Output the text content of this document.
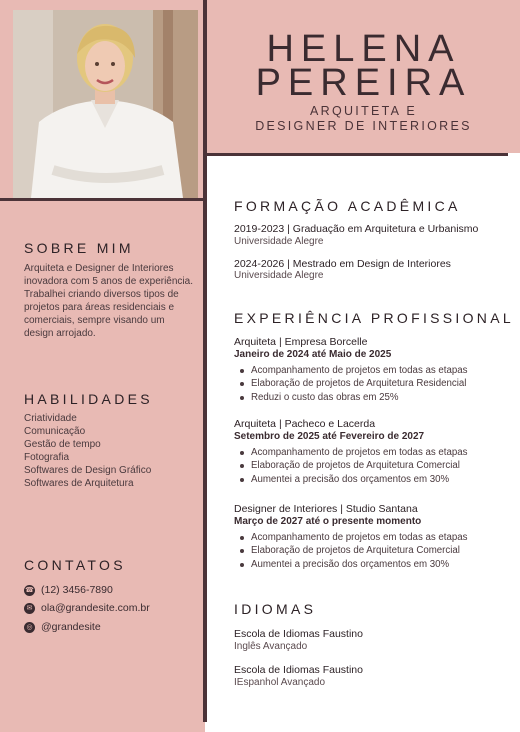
HELENA
PEREIRA
ARQUITETA E
DESIGNER DE INTERIORES
SOBRE MIM
Arquiteta e Designer de Interiores inovadora com 5 anos de experiência. Trabalhei criando diversos tipos de projetos para áreas residenciais e comerciais, sempre visando um design arrojado.
HABILIDADES
Criatividade
Comunicação
Gestão de tempo
Fotografia
Softwares de Design Gráfico
Softwares de Arquitetura
CONTATOS
☎ (12) 3456-7890
✉ ola@grandesite.com.br
◎ @grandesite
FORMAÇÃO ACADÊMICA
2019-2023 | Graduação em Arquitetura e Urbanismo
Universidade Alegre
2024-2026 | Mestrado em Design de Interiores
Universidade Alegre
EXPERIÊNCIA PROFISSIONAL
Arquiteta | Empresa Borcelle
Janeiro de 2024 até Maio de 2025
Acompanhamento de projetos em todas as etapas
Elaboração de projetos de Arquitetura Residencial
Reduzi o custo das obras em 25%
Arquiteta | Pacheco e Lacerda
Setembro de 2025 até Fevereiro de 2027
Acompanhamento de projetos em todas as etapas
Elaboração de projetos de Arquitetura Comercial
Aumentei a precisão dos orçamentos em 30%
Designer de Interiores | Studio Santana
Março de 2027 até o presente momento
Acompanhamento de projetos em todas as etapas
Elaboração de projetos de Arquitetura Comercial
Aumentei a precisão dos orçamentos em 30%
IDIOMAS
Escola de Idiomas Faustino
Inglês Avançado
Escola de Idiomas Faustino
IEspanhol Avançado
